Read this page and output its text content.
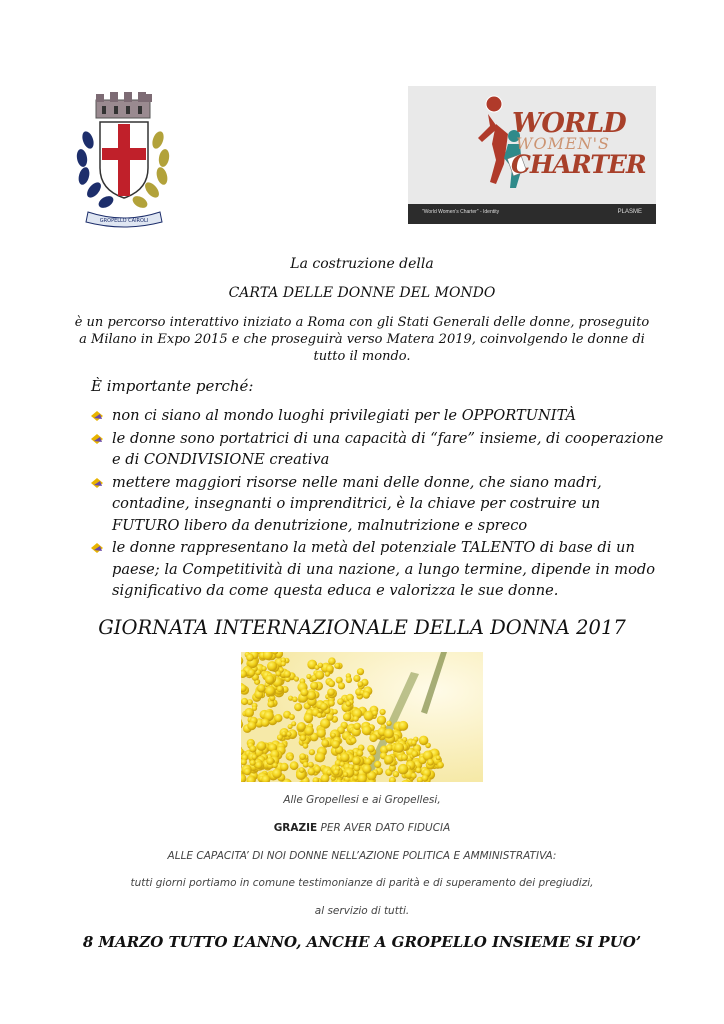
GROPELLO CAIROLI
WORLD
WOMEN'S
CHARTER
"World Women's Charter" - Identity	PLASME
La costruzione della
CARTA DELLE DONNE DEL MONDO
è un percorso interattivo iniziato a Roma con gli Stati Generali delle donne, proseguito a Milano in Expo 2015 e che proseguirà verso Matera 2019, coinvolgendo le donne di tutto il mondo.
È importante perché:
non ci siano al mondo luoghi privilegiati per le OPPORTUNITÀ
le donne sono portatrici di una capacità di “fare” insieme, di cooperazione e di CONDIVISIONE creativa
mettere maggiori risorse nelle mani delle donne, che siano madri, contadine, insegnanti o imprenditrici, è la chiave per costruire un FUTURO libero da denutrizione, malnutrizione e spreco
le donne rappresentano la metà del potenziale TALENTO di base di un paese; la Competitività di una nazione, a lungo termine, dipende in modo significativo da come questa educa e valorizza le sue donne.
GIORNATA INTERNAZIONALE DELLA DONNA 2017
Alle Gropellesi e ai Gropellesi,
GRAZIE PER AVER DATO FIDUCIA
ALLE CAPACITA’ DI NOI DONNE NELL’AZIONE POLITICA E AMMINISTRATIVA:
tutti giorni portiamo in comune testimonianze di parità e di superamento dei pregiudizi,
al servizio di tutti.
8 MARZO TUTTO L’ANNO, ANCHE A GROPELLO INSIEME SI PUO’
